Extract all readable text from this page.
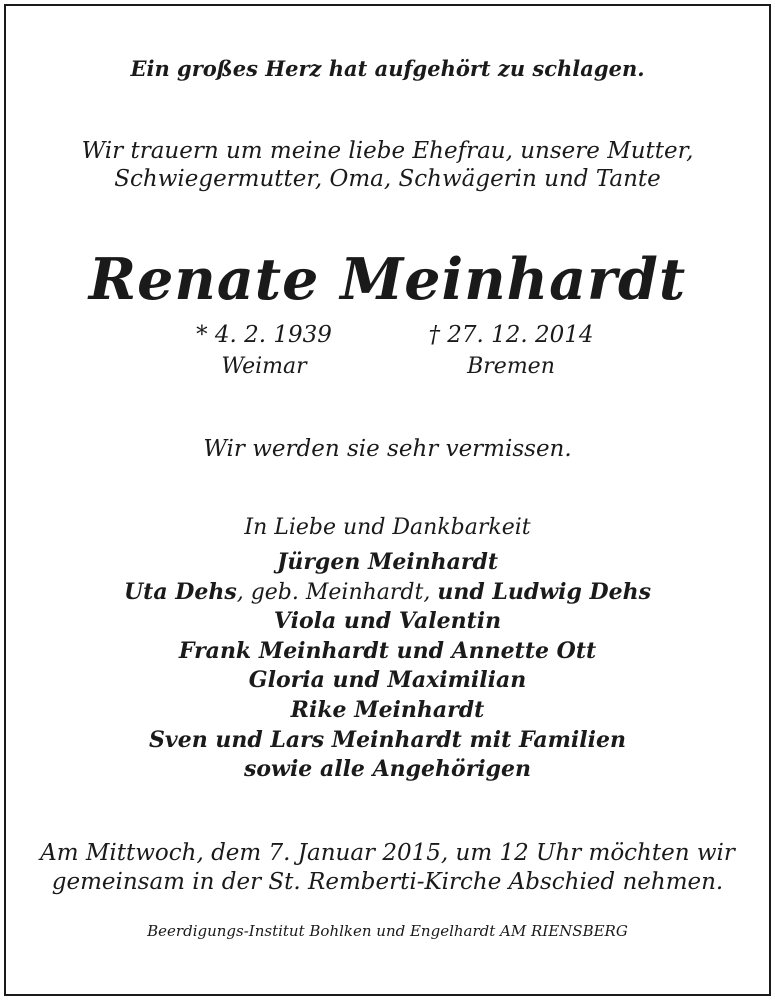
Ein großes Herz hat aufgehört zu schlagen.
Wir trauern um meine liebe Ehefrau, unsere Mutter,
Schwiegermutter, Oma, Schwägerin und Tante
Renate Meinhardt
* 4. 2. 1939
Weimar
† 27. 12. 2014
Bremen
Wir werden sie sehr vermissen.
In Liebe und Dankbarkeit
Jürgen Meinhardt
Uta Dehs, geb. Meinhardt, und Ludwig Dehs
Viola und Valentin
Frank Meinhardt und Annette Ott
Gloria und Maximilian
Rike Meinhardt
Sven und Lars Meinhardt mit Familien
sowie alle Angehörigen
Am Mittwoch, dem 7. Januar 2015, um 12 Uhr möchten wir
gemeinsam in der St. Remberti-Kirche Abschied nehmen.
Beerdigungs-Institut Bohlken und Engelhardt AM RIENSBERG
